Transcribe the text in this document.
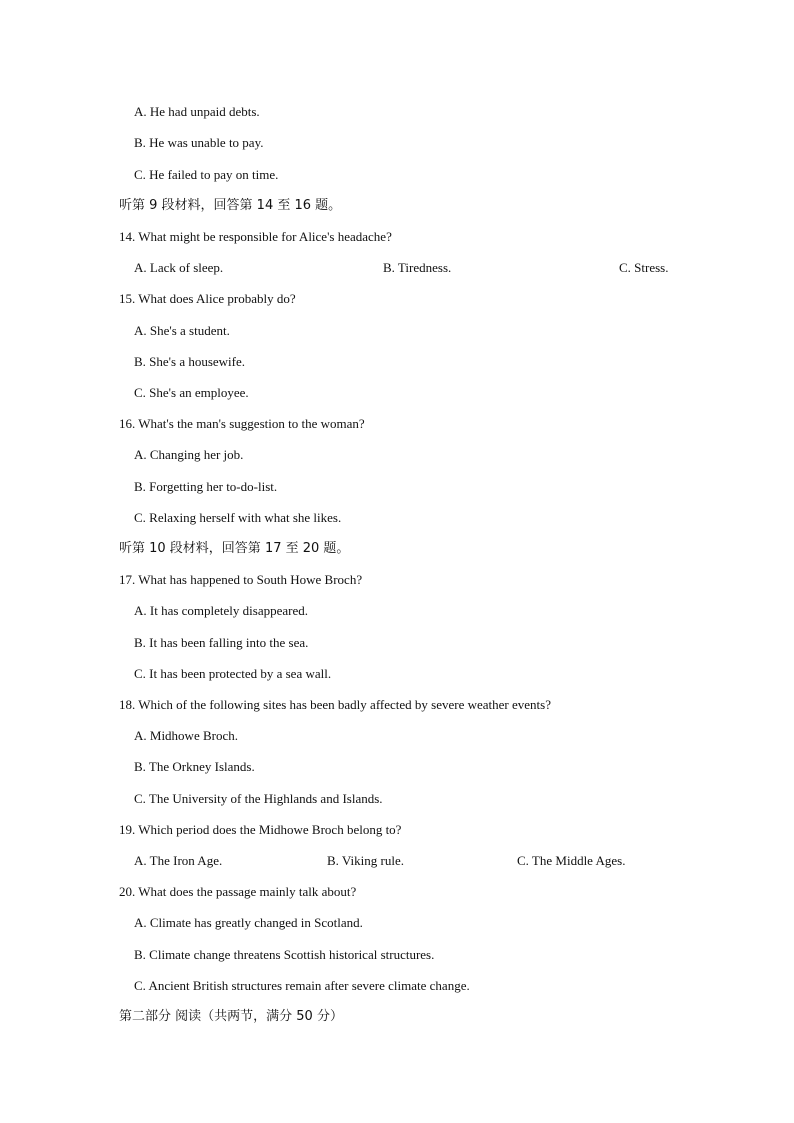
A. He had unpaid debts.
B. He was unable to pay.
C. He failed to pay on time.
听第 9 段材料，回答第 14 至 16 题。
14. What might be responsible for Alice's headache?
A. Lack of sleep.	B. Tiredness.	C. Stress.
15. What does Alice probably do?
A. She's a student.
B. She's a housewife.
C. She's an employee.
16. What's the man's suggestion to the woman?
A. Changing her job.
B. Forgetting her to-do-list.
C. Relaxing herself with what she likes.
听第 10 段材料，回答第 17 至 20 题。
17. What has happened to South Howe Broch?
A. It has completely disappeared.
B. It has been falling into the sea.
C. It has been protected by a sea wall.
18. Which of the following sites has been badly affected by severe weather events?
A. Midhowe Broch.
B. The Orkney Islands.
C. The University of the Highlands and Islands.
19. Which period does the Midhowe Broch belong to?
A. The Iron Age.	B. Viking rule.	C. The Middle Ages.
20. What does the passage mainly talk about?
A. Climate has greatly changed in Scotland.
B. Climate change threatens Scottish historical structures.
C. Ancient British structures remain after severe climate change.
第二部分 阅读（共两节，满分 50 分）
